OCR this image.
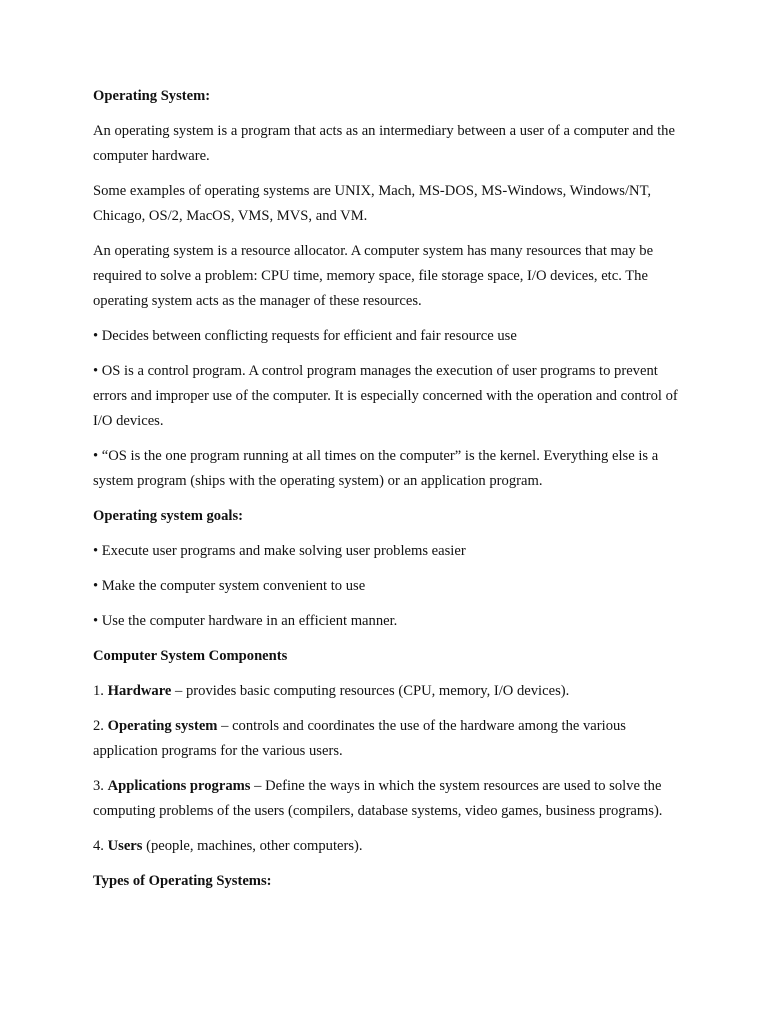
Operating System:

An operating system is a program that acts as an intermediary between a user of a computer and the computer hardware.

Some examples of operating systems are UNIX, Mach, MS-DOS, MS-Windows, Windows/NT, Chicago, OS/2, MacOS, VMS, MVS, and VM.

An operating system is a resource allocator. A computer system has many resources that may be required to solve a problem: CPU time, memory space, file storage space, I/O devices, etc. The operating system acts as the manager of these resources.

• Decides between conflicting requests for efficient and fair resource use

• OS is a control program. A control program manages the execution of user programs to prevent errors and improper use of the computer. It is especially concerned with the operation and control of I/O devices.

• “OS is the one program running at all times on the computer” is the kernel. Everything else is a system program (ships with the operating system) or an application program.

Operating system goals:

• Execute user programs and make solving user problems easier

• Make the computer system convenient to use

• Use the computer hardware in an efficient manner.

Computer System Components

1. Hardware – provides basic computing resources (CPU, memory, I/O devices).

2. Operating system – controls and coordinates the use of the hardware among the various application programs for the various users.

3. Applications programs – Define the ways in which the system resources are used to solve the computing problems of the users (compilers, database systems, video games, business programs).

4. Users (people, machines, other computers).

Types of Operating Systems:
